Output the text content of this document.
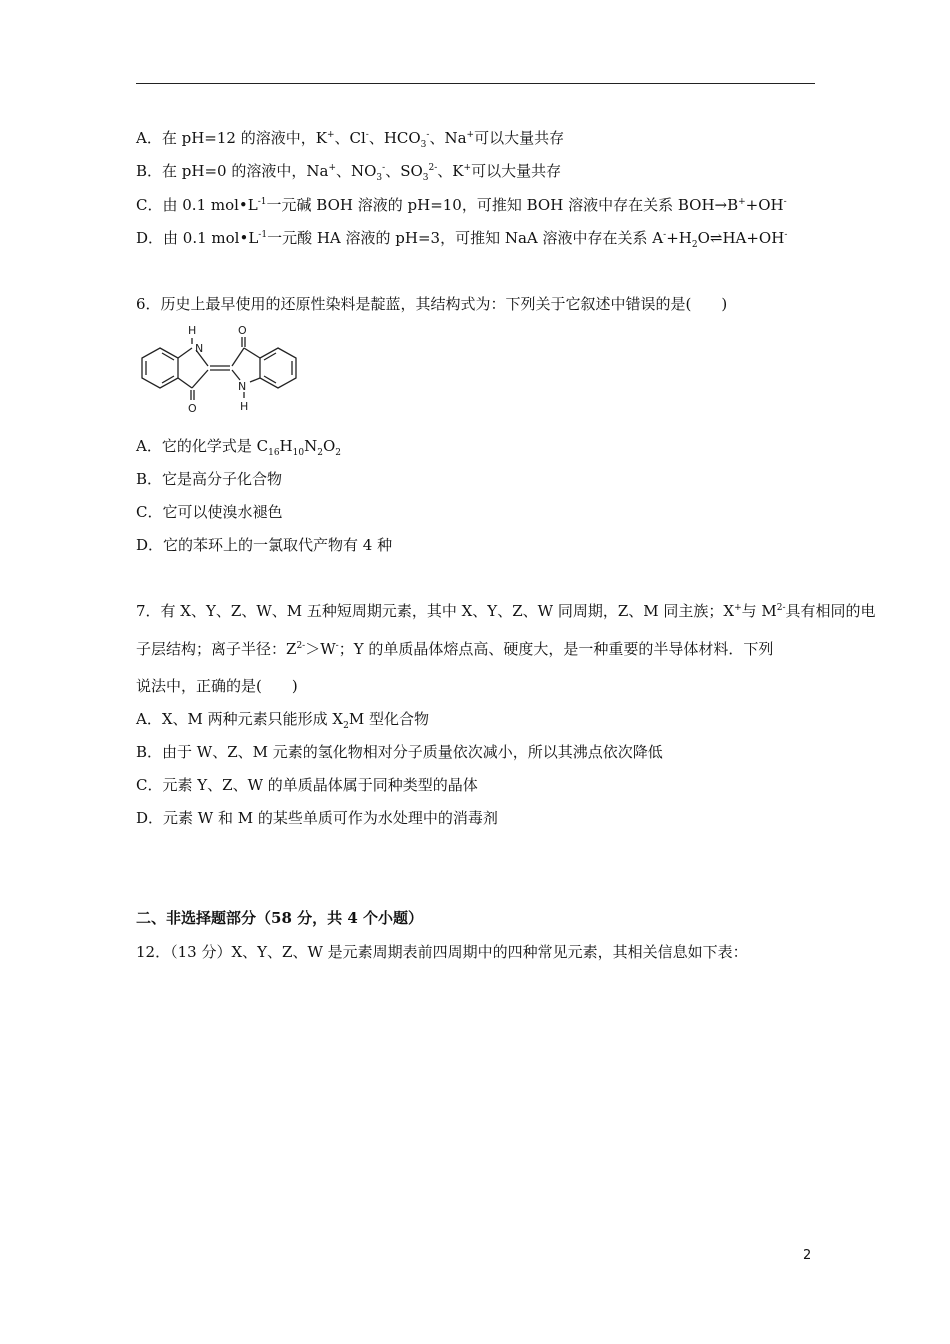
A．在 pH=12 的溶液中，K+、Cl-、$HCO_3^-$、Na+可以大量共存
B．在 pH=0 的溶液中，Na+、$NO_3^-$、$SO_3^{2-}$、K+可以大量共存
C．由 0.1 $mol•L^{-1}$一元碱 BOH 溶液的 pH=10，可推知 BOH 溶液中存在关系 BOH→B++OH-
D．由 0.1 $mol•L^{-1}$一元酸 HA 溶液的 pH=3，可推知 NaA 溶液中存在关系 $A^-+H_2O\rightleftharpoons HA+OH^-$
6．历史上最早使用的还原性染料是靛蓝，其结构式为：下列关于它叙述中错误的是(　　)
H
N
O
O
N
H
A．它的化学式是 $C_{16}H_{10}N_2O_2$
B．它是高分子化合物
C．它可以使溴水褪色
D．它的苯环上的一氯取代产物有 4 种
7．有 X、Y、Z、W、M 五种短周期元素，其中 X、Y、Z、W 同周期，Z、M 同主族；X+与 $M^{2-}$具有相同的电
子层结构；离子半径：$Z^{2-}>W^-$；Y 的单质晶体熔点高、硬度大，是一种重要的半导体材料．下列
说法中，正确的是(　　)
A．X、M 两种元素只能形成 $X_2M$ 型化合物
B．由于 W、Z、M 元素的氢化物相对分子质量依次减小，所以其沸点依次降低
C．元素 Y、Z、W 的单质晶体属于同种类型的晶体
D．元素 W 和 M 的某些单质可作为水处理中的消毒剂
二、非选择题部分（58 分，共 4 个小题）
12．（13 分）X、Y、Z、W 是元素周期表前四周期中的四种常见元素，其相关信息如下表：
2
